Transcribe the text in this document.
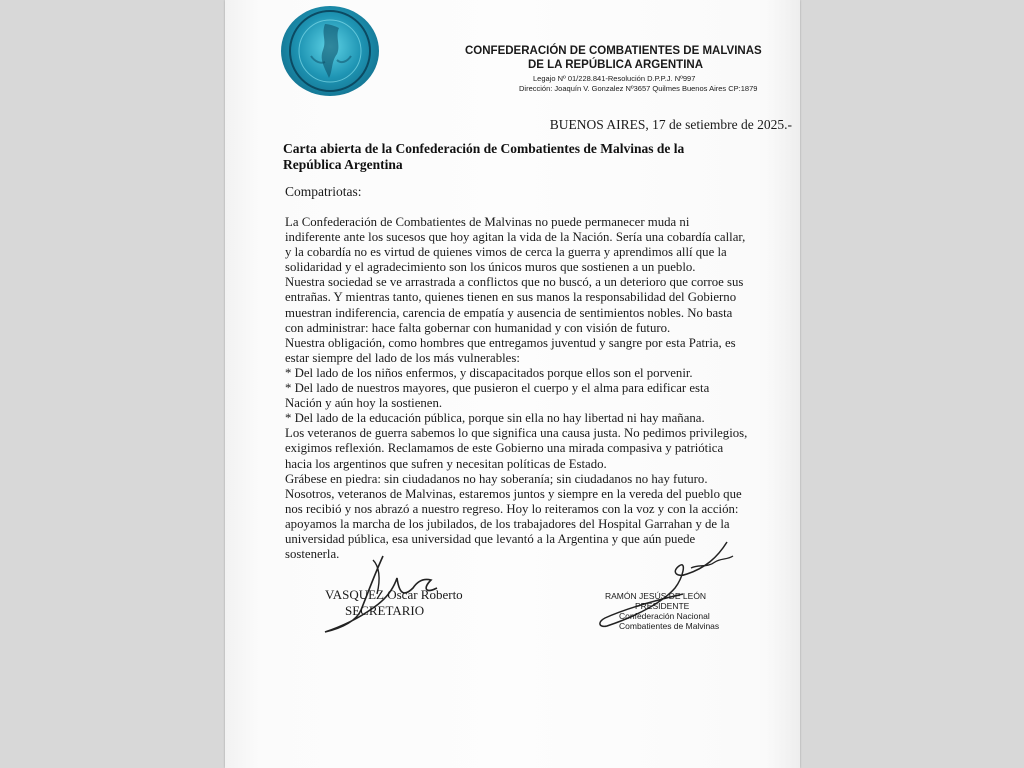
CONFEDERACIÓN DE COMBATIENTES DE MALVINAS
DE LA REPÚBLICA ARGENTINA
Legajo Nº 01/228.841-Resolución D.P.P.J. Nº997
Dirección: Joaquín V. Gonzalez Nº3657 Quilmes Buenos Aires CP:1879
BUENOS AIRES, 17 de setiembre de 2025.-
Carta abierta de la Confederación de Combatientes de Malvinas de la
República Argentina
Compatriotas:
La Confederación de Combatientes de Malvinas no puede permanecer muda ni
indiferente ante los sucesos que hoy agitan la vida de la Nación. Sería una cobardía callar,
y la cobardía no es virtud de quienes vimos de cerca la guerra y aprendimos allí que la
solidaridad y el agradecimiento son los únicos muros que sostienen a un pueblo.
Nuestra sociedad se ve arrastrada a conflictos que no buscó, a un deterioro que corroe sus
entrañas. Y mientras tanto, quienes tienen en sus manos la responsabilidad del Gobierno
muestran indiferencia, carencia de empatía y ausencia de sentimientos nobles. No basta
con administrar: hace falta gobernar con humanidad y con visión de futuro.
Nuestra obligación, como hombres que entregamos juventud y sangre por esta Patria, es
estar siempre del lado de los más vulnerables:
* Del lado de los niños enfermos, y discapacitados porque ellos son el porvenir.
* Del lado de nuestros mayores, que pusieron el cuerpo y el alma para edificar esta
Nación y aún hoy la sostienen.
* Del lado de la educación pública, porque sin ella no hay libertad ni hay mañana.
Los veteranos de guerra sabemos lo que significa una causa justa. No pedimos privilegios,
exigimos reflexión. Reclamamos de este Gobierno una mirada compasiva y patriótica
hacia los argentinos que sufren y necesitan políticas de Estado.
Grábese en piedra: sin ciudadanos no hay soberanía; sin ciudadanos no hay futuro.
Nosotros, veteranos de Malvinas, estaremos juntos y siempre en la vereda del pueblo que
nos recibió y nos abrazó a nuestro regreso. Hoy lo reiteramos con la voz y con la acción:
apoyamos la marcha de los jubilados, de los trabajadores del Hospital Garrahan y de la
universidad pública, esa universidad que levantó a la Argentina y que aún puede
sostenerla.
VASQUEZ Oscar Roberto
SECRETARIO
RAMÓN JESÚS DE LEÓN
PRESIDENTE
Confederación Nacional
Combatientes de Malvinas
